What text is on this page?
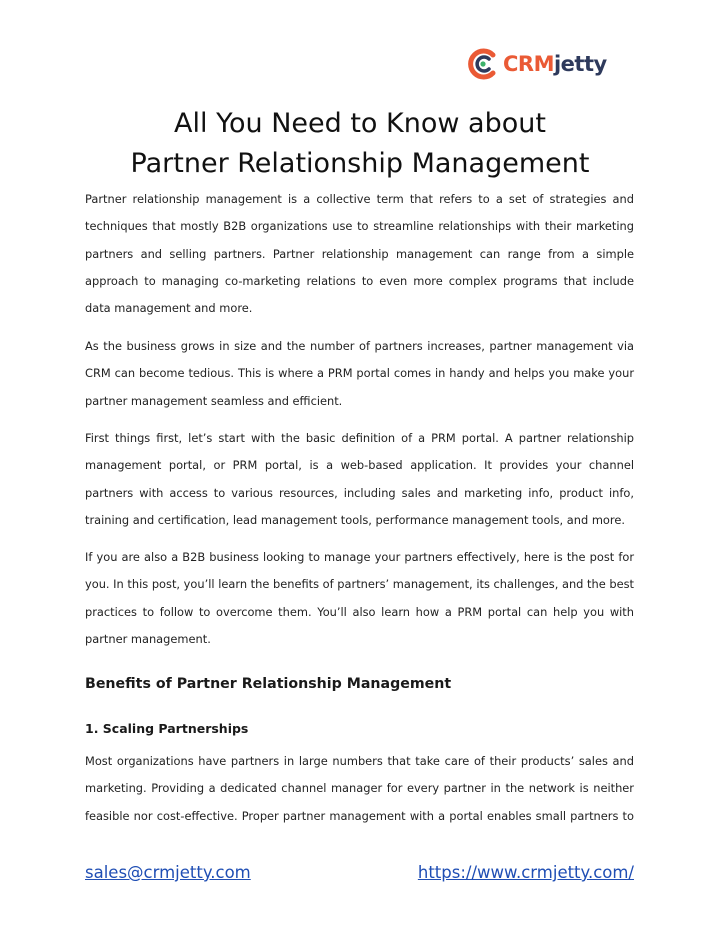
CRMjetty
All You Need to Know about Partner Relationship Management

Partner relationship management is a collective term that refers to a set of strategies and techniques that mostly B2B organizations use to streamline relationships with their marketing partners and selling partners. Partner relationship management can range from a simple approach to managing co-marketing relations to even more complex programs that include data management and more.

As the business grows in size and the number of partners increases, partner management via CRM can become tedious. This is where a PRM portal comes in handy and helps you make your partner management seamless and efficient.

First things first, let’s start with the basic definition of a PRM portal. A partner relationship management portal, or PRM portal, is a web-based application. It provides your channel partners with access to various resources, including sales and marketing info, product info, training and certification, lead management tools, performance management tools, and more.

If you are also a B2B business looking to manage your partners effectively, here is the post for you. In this post, you’ll learn the benefits of partners’ management, its challenges, and the best practices to follow to overcome them. You’ll also learn how a PRM portal can help you with partner management.

Benefits of Partner Relationship Management
1. Scaling Partnerships

Most organizations have partners in large numbers that take care of their products’ sales and marketing. Providing a dedicated channel manager for every partner in the network is neither feasible nor cost-effective. Proper partner management with a portal enables small partners to

sales@crmjetty.com	https://www.crmjetty.com/
